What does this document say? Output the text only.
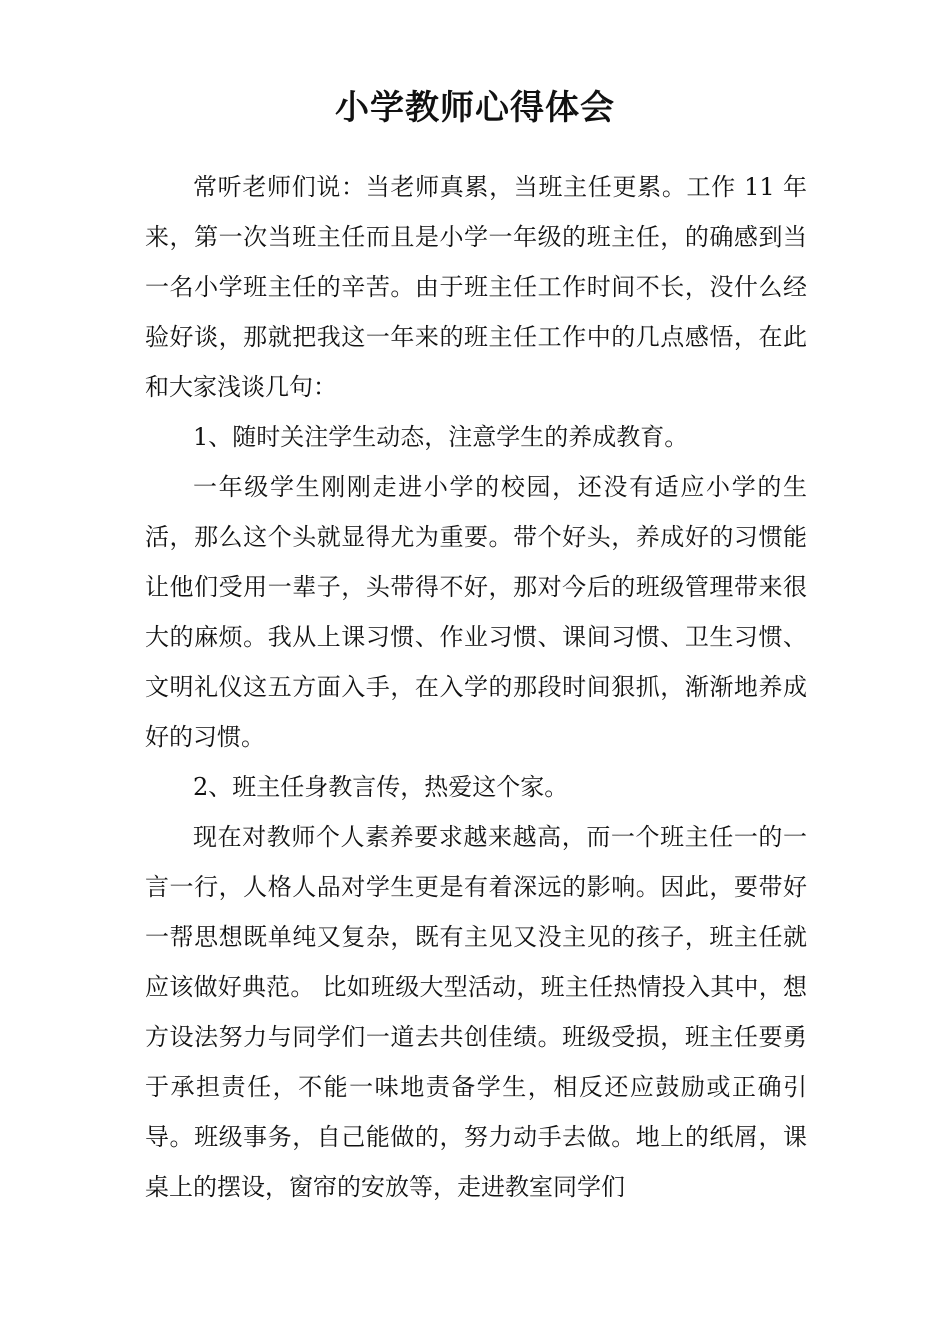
小学教师心得体会

常听老师们说：当老师真累，当班主任更累。工作 11 年来，第一次当班主任而且是小学一年级的班主任，的确感到当一名小学班主任的辛苦。由于班主任工作时间不长，没什么经验好谈，那就把我这一年来的班主任工作中的几点感悟，在此和大家浅谈几句：

1、随时关注学生动态，注意学生的养成教育。

一年级学生刚刚走进小学的校园，还没有适应小学的生活，那么这个头就显得尤为重要。带个好头，养成好的习惯能让他们受用一辈子，头带得不好，那对今后的班级管理带来很大的麻烦。我从上课习惯、作业习惯、课间习惯、卫生习惯、文明礼仪这五方面入手，在入学的那段时间狠抓，渐渐地养成好的习惯。

2、班主任身教言传，热爱这个家。

现在对教师个人素养要求越来越高，而一个班主任一的一言一行，人格人品对学生更是有着深远的影响。因此，要带好一帮思想既单纯又复杂，既有主见又没主见的孩子，班主任就应该做好典范。 比如班级大型活动，班主任热情投入其中，想方设法努力与同学们一道去共创佳绩。班级受损，班主任要勇于承担责任，不能一味地责备学生，相反还应鼓励或正确引导。班级事务，自己能做的，努力动手去做。地上的纸屑，课桌上的摆设，窗帘的安放等，走进教室同学们
